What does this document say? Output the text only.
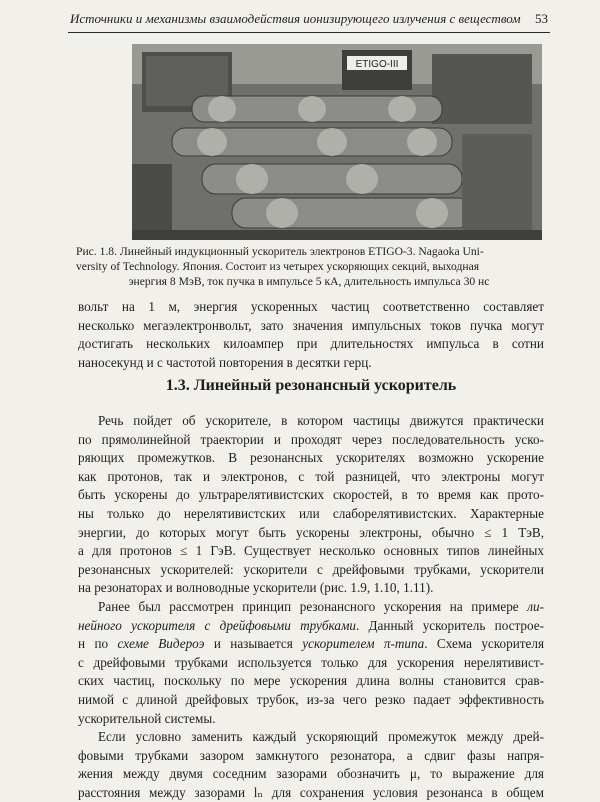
Источники и механизмы взаимодействия ионизирующего излучения с веществом 53
ETIGO-III
Рис. 1.8. Линейный индукционный ускоритель электронов ETIGO-3. Nagaoka Uni-
versity of Technology. Япония. Состоит из четырех ускоряющих секций, выходная
энергия 8 МэВ, ток пучка в импульсе 5 кА, длительность импульса 30 нс
вольт на 1 м, энергия ускоренных частиц соответственно составляет
несколько мегаэлектронвольт, зато значения импульсных токов пучка могут
достигать нескольких килоампер при длительностях импульса в сотни
наносекунд и с частотой повторения в десятки герц.
1.3. Линейный резонансный ускоритель
Речь пойдет об ускорителе, в котором частицы движутся практически
по прямолинейной траектории и проходят через последовательность уско-
ряющих промежутков. В резонансных ускорителях возможно ускорение
как протонов, так и электронов, с той разницей, что электроны могут
быть ускорены до ультрарелятивистских скоростей, в то время как прото-
ны только до нерелятивистских или слаборелятивистских. Характерные
энергии, до которых могут быть ускорены электроны, обычно ≤ 1 ТэВ,
а для протонов ≤ 1 ГэВ. Существует несколько основных типов линейных
резонансных ускорителей: ускорители с дрейфовыми трубками, ускорители
на резонаторах и волноводные ускорители (рис. 1.9, 1.10, 1.11).
Ранее был рассмотрен принцип резонансного ускорения на примере ли-
нейного ускорителя с дрейфовыми трубками. Данный ускоритель построе-
н по схеме Видероэ и называется ускорителем π-типа. Схема ускорителя
с дрейфовыми трубками используется только для ускорения нерелятивист-
ских частиц, поскольку по мере ускорения длина волны становится срав-
нимой с длиной дрейфовых трубок, из-за чего резко падает эффективность
ускорительной системы.
Если условно заменить каждый ускоряющий промежуток между дрей-
фовыми трубками зазором замкнутого резонатора, а сдвиг фазы напря-
жения между двумя соседним зазорами обозначить μ, то выражение для
расстояния между зазорами lₙ для сохранения условия резонанса в общем
